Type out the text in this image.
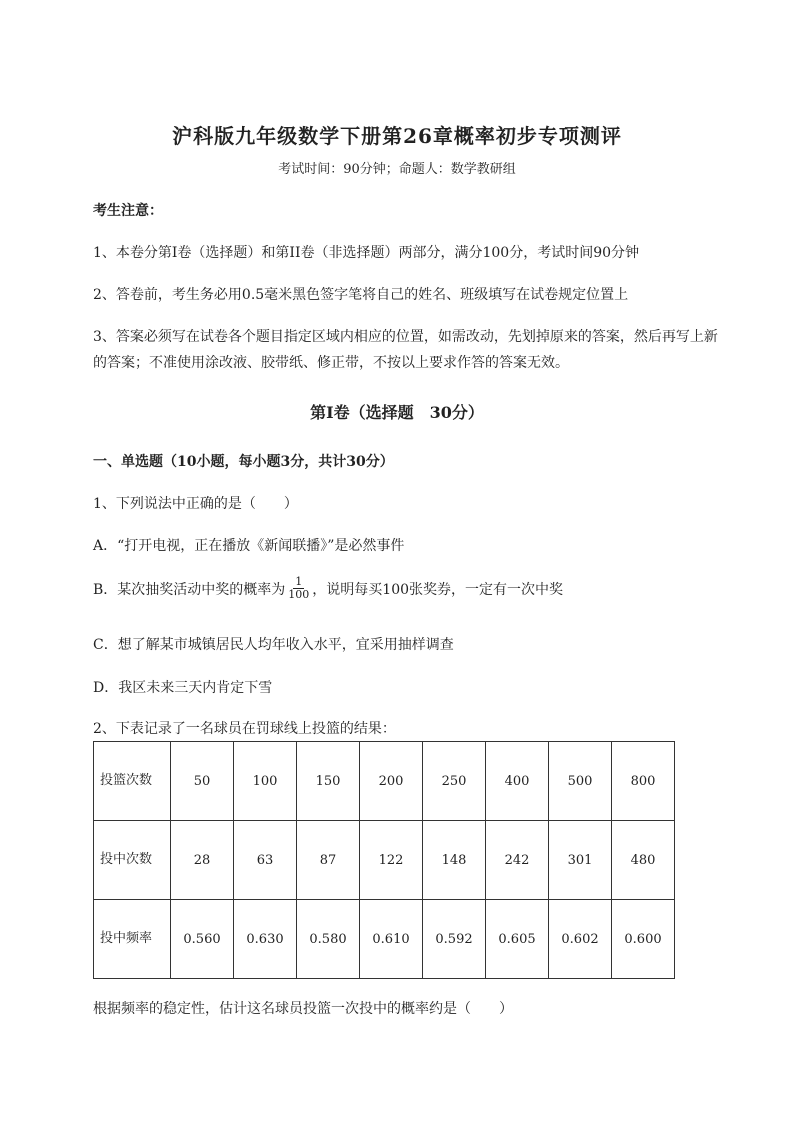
沪科版九年级数学下册第26章概率初步专项测评
考试时间：90分钟；命题人：数学教研组
考生注意：
1、本卷分第I卷（选择题）和第II卷（非选择题）两部分，满分100分，考试时间90分钟
2、答卷前，考生务必用0.5毫米黑色签字笔将自己的姓名、班级填写在试卷规定位置上
3、答案必须写在试卷各个题目指定区域内相应的位置，如需改动，先划掉原来的答案，然后再写上新
的答案；不准使用涂改液、胶带纸、修正带，不按以上要求作答的答案无效。
第I卷（选择题　30分）
一、单选题（10小题，每小题3分，共计30分）
1、下列说法中正确的是（　　）
A．“打开电视，正在播放《新闻联播》”是必然事件
B．某次抽奖活动中奖的概率为 $\frac{1}{100}$ ，说明每买100张奖券，一定有一次中奖
C．想了解某市城镇居民人均年收入水平，宜采用抽样调查
D．我区未来三天内肯定下雪
2、下表记录了一名球员在罚球线上投篮的结果：
投篮次数	50	100	150	200	250	400	500	800
投中次数	28	63	87	122	148	242	301	480
投中频率	0.560	0.630	0.580	0.610	0.592	0.605	0.602	0.600
根据频率的稳定性，估计这名球员投篮一次投中的概率约是（　　）
